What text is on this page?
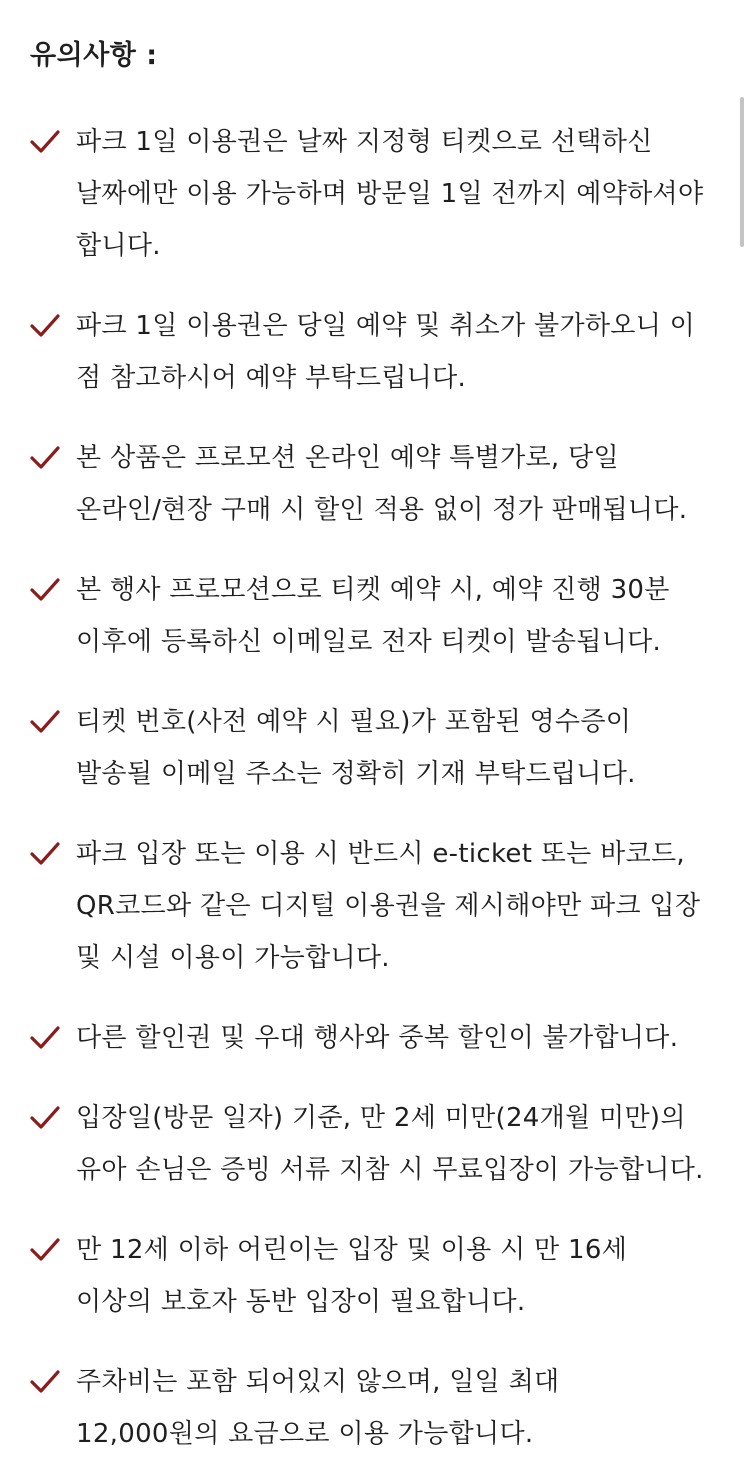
유의사항 :
파크 1일 이용권은 날짜 지정형 티켓으로 선택하신 날짜에만 이용 가능하며 방문일 1일 전까지 예약하셔야 합니다.
파크 1일 이용권은 당일 예약 및 취소가 불가하오니 이 점 참고하시어 예약 부탁드립니다.
본 상품은 프로모션 온라인 예약 특별가로, 당일 온라인/현장 구매 시 할인 적용 없이 정가 판매됩니다.
본 행사 프로모션으로 티켓 예약 시, 예약 진행 30분 이후에 등록하신 이메일로 전자 티켓이 발송됩니다.
티켓 번호(사전 예약 시 필요)가 포함된 영수증이 발송될 이메일 주소는 정확히 기재 부탁드립니다.
파크 입장 또는 이용 시 반드시 e-ticket 또는 바코드, QR코드와 같은 디지털 이용권을 제시해야만 파크 입장 및 시설 이용이 가능합니다.
다른 할인권 및 우대 행사와 중복 할인이 불가합니다.
입장일(방문 일자) 기준, 만 2세 미만(24개월 미만)의 유아 손님은 증빙 서류 지참 시 무료입장이 가능합니다.
만 12세 이하 어린이는 입장 및 이용 시 만 16세 이상의 보호자 동반 입장이 필요합니다.
주차비는 포함 되어있지 않으며, 일일 최대 12,000원의 요금으로 이용 가능합니다.
